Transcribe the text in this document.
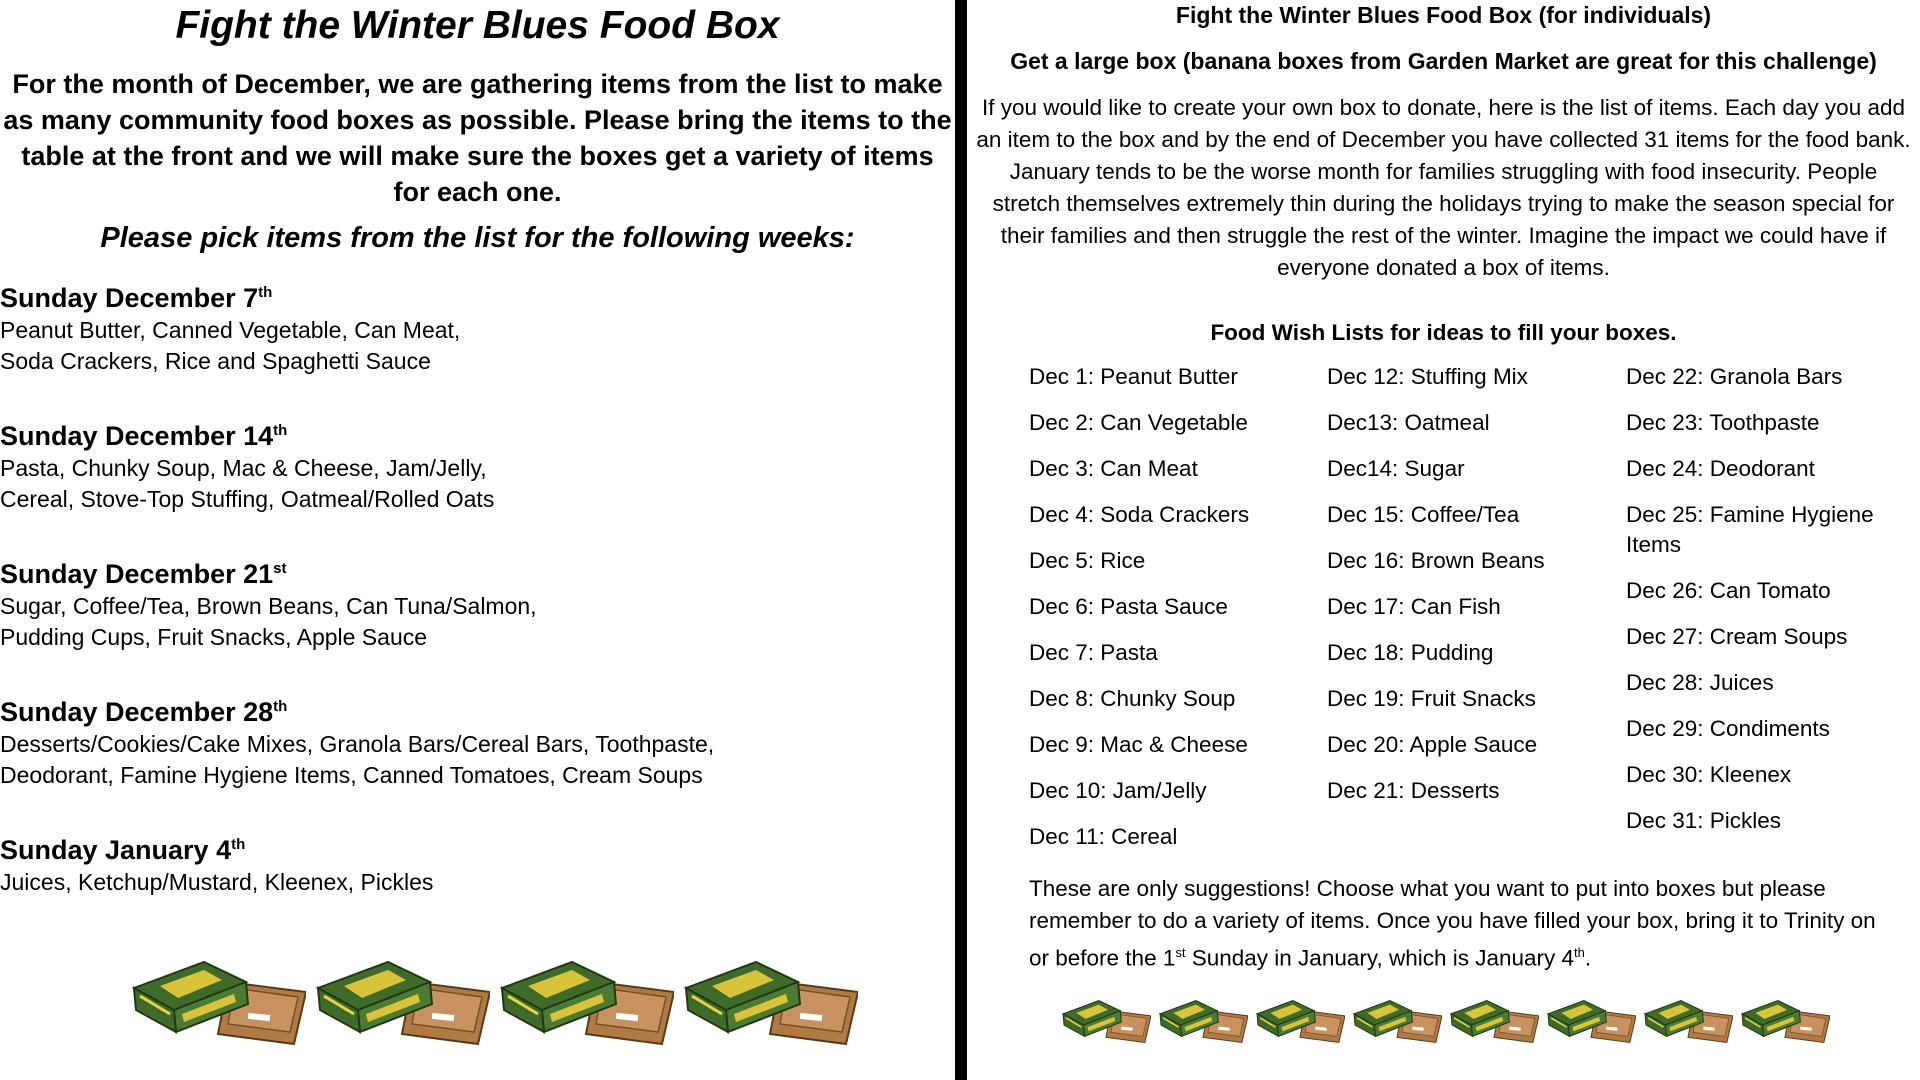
Fight the Winter Blues Food Box
For the month of December, we are gathering items from the list to make as many community food boxes as possible. Please bring the items to the table at the front and we will make sure the boxes get a variety of items for each one.
Please pick items from the list for the following weeks:
Sunday December 7th
Peanut Butter, Canned Vegetable, Can Meat,
Soda Crackers, Rice and Spaghetti Sauce
Sunday December 14th
Pasta, Chunky Soup, Mac & Cheese, Jam/Jelly,
Cereal, Stove-Top Stuffing, Oatmeal/Rolled Oats
Sunday December 21st
Sugar, Coffee/Tea, Brown Beans, Can Tuna/Salmon,
Pudding Cups, Fruit Snacks, Apple Sauce
Sunday December 28th
Desserts/Cookies/Cake Mixes, Granola Bars/Cereal Bars, Toothpaste,
Deodorant, Famine Hygiene Items, Canned Tomatoes, Cream Soups
Sunday January 4th
Juices, Ketchup/Mustard, Kleenex, Pickles
Fight the Winter Blues Food Box (for individuals)
Get a large box (banana boxes from Garden Market are great for this challenge)
If you would like to create your own box to donate, here is the list of items. Each day you add an item to the box and by the end of December you have collected 31 items for the food bank. January tends to be the worse month for families struggling with food insecurity. People stretch themselves extremely thin during the holidays trying to make the season special for their families and then struggle the rest of the winter. Imagine the impact we could have if everyone donated a box of items.
Food Wish Lists for ideas to fill your boxes.
Dec 1: Peanut Butter
Dec 2: Can Vegetable
Dec 3: Can Meat
Dec 4: Soda Crackers
Dec 5: Rice
Dec 6: Pasta Sauce
Dec 7: Pasta
Dec 8: Chunky Soup
Dec 9: Mac & Cheese
Dec 10: Jam/Jelly
Dec 11: Cereal
Dec 12: Stuffing Mix
Dec13: Oatmeal
Dec14: Sugar
Dec 15: Coffee/Tea
Dec 16: Brown Beans
Dec 17: Can Fish
Dec 18: Pudding
Dec 19: Fruit Snacks
Dec 20: Apple Sauce
Dec 21: Desserts
Dec 22: Granola Bars
Dec 23: Toothpaste
Dec 24: Deodorant
Dec 25: Famine Hygiene Items
Dec 26: Can Tomato
Dec 27: Cream Soups
Dec 28: Juices
Dec 29: Condiments
Dec 30: Kleenex
Dec 31: Pickles
These are only suggestions! Choose what you want to put into boxes but please remember to do a variety of items. Once you have filled your box, bring it to Trinity on or before the 1st Sunday in January, which is January 4th.
